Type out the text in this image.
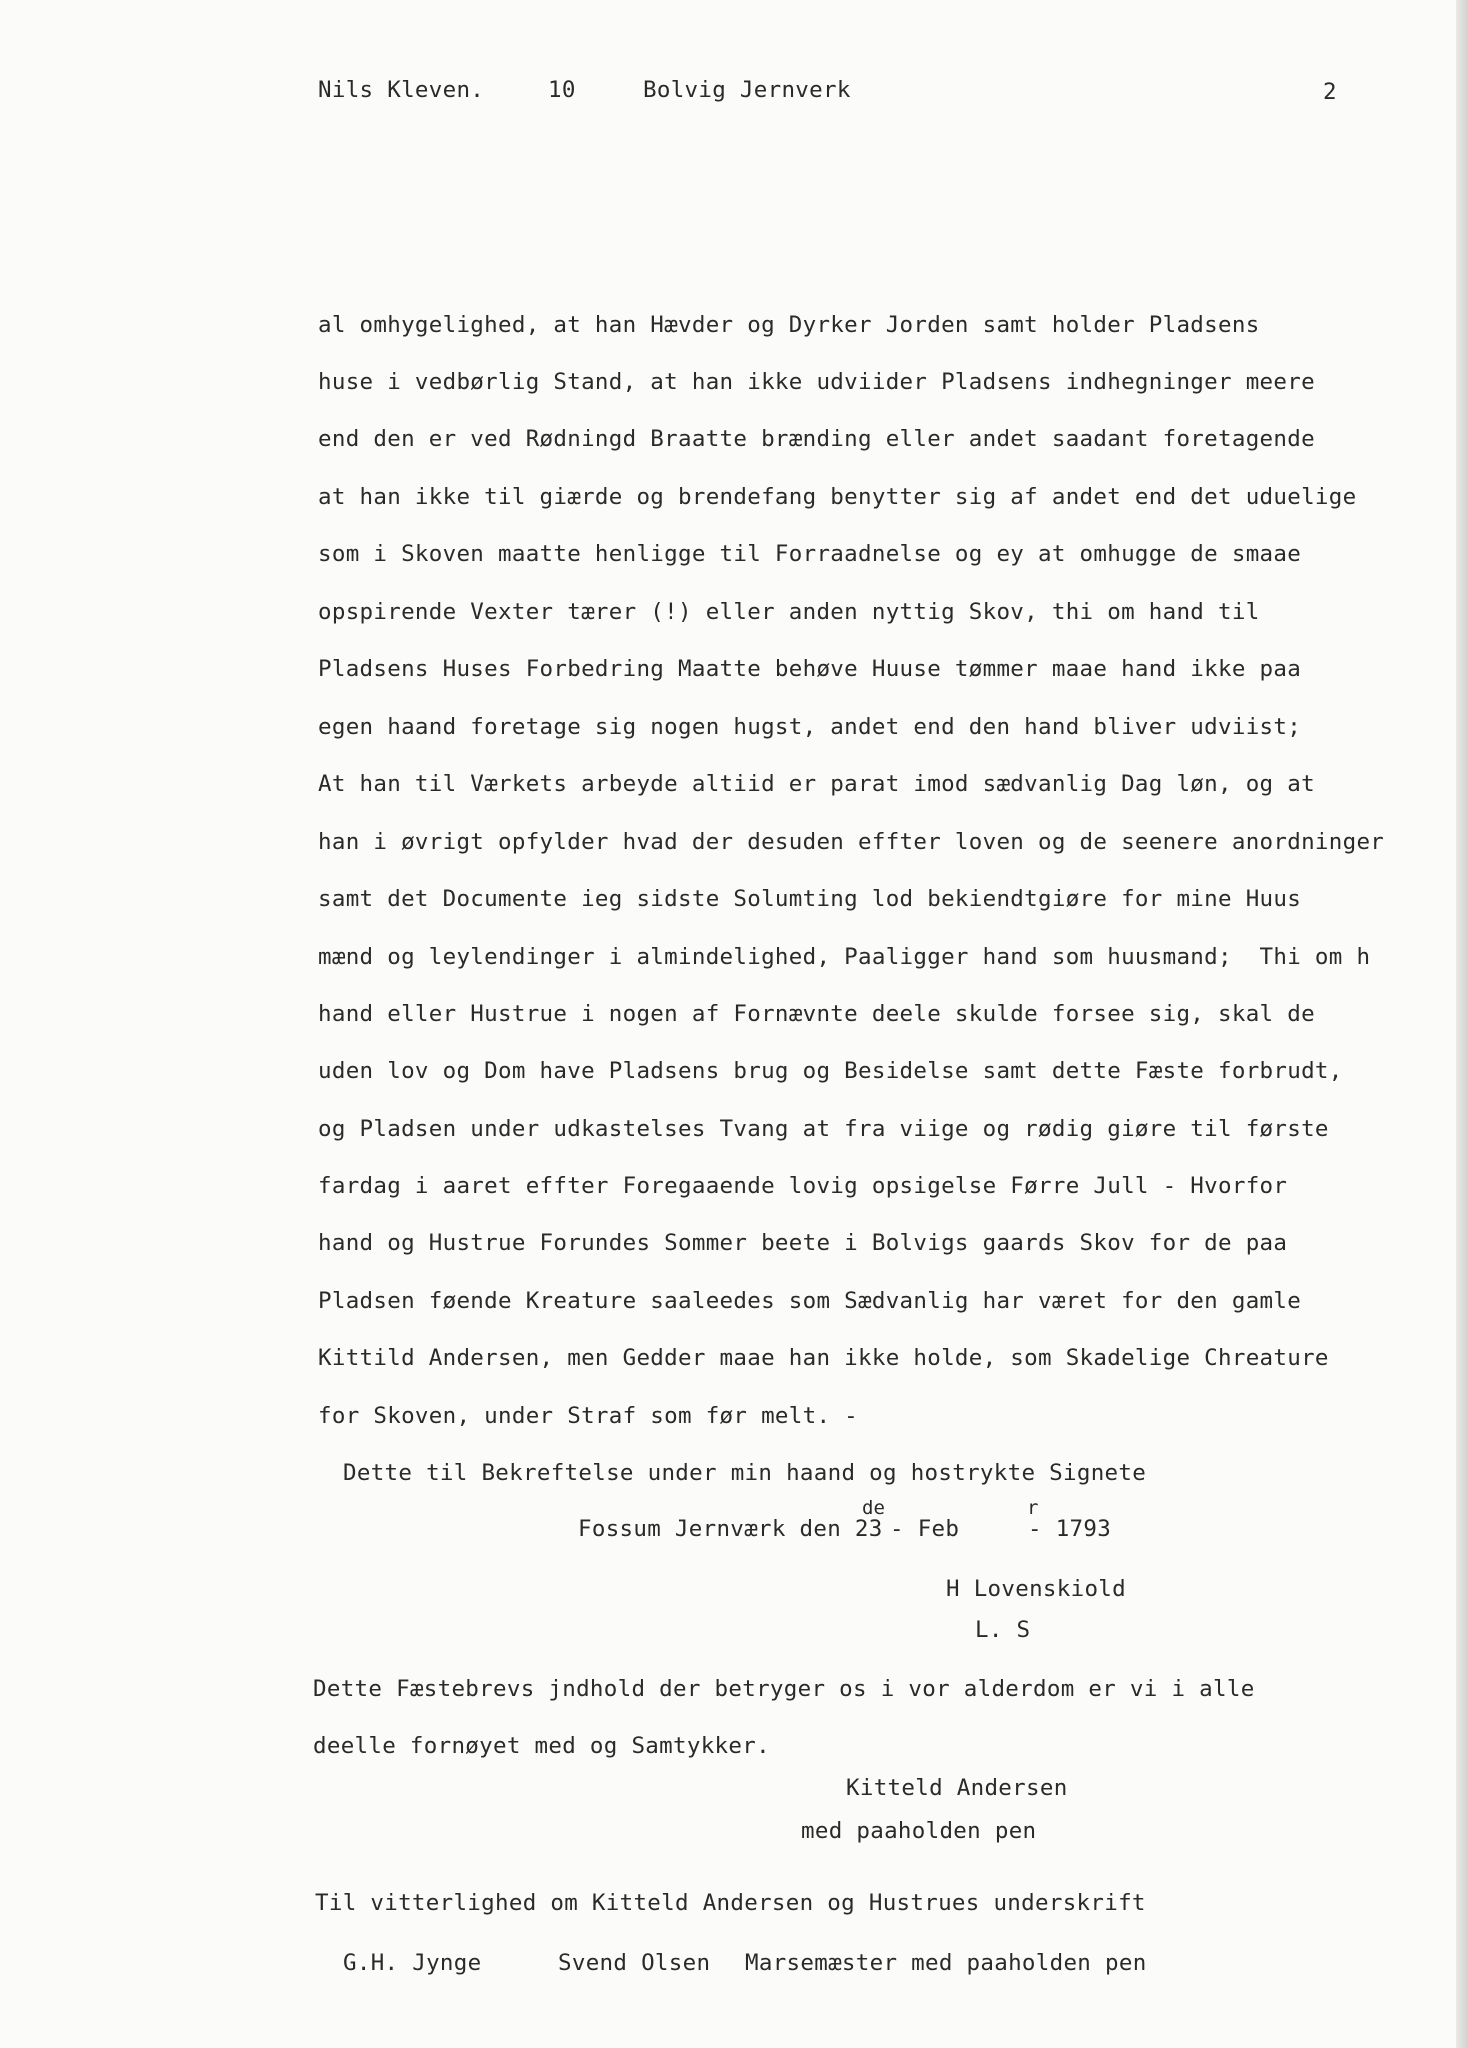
Nils Kleven.	10	Bolvig Jernverk	2
al omhygelighed, at han Hævder og Dyrker Jorden samt holder Pladsens
huse i vedbørlig Stand, at han ikke udviider Pladsens indhegninger meere
end den er ved Rødningd Braatte brænding eller andet saadant foretagende
at han ikke til giærde og brendefang benytter sig af andet end det uduelige
som i Skoven maatte henligge til Forraadnelse og ey at omhugge de smaae
opspirende Vexter tærer (!) eller anden nyttig Skov, thi om hand til
Pladsens Huses Forbedring Maatte behøve Huuse tømmer maae hand ikke paa
egen haand foretage sig nogen hugst, andet end den hand bliver udviist;
At han til Værkets arbeyde altiid er parat imod sædvanlig Dag løn, og at
han i øvrigt opfylder hvad der desuden effter loven og de seenere anordninger
samt det Documente ieg sidste Solumting lod bekiendtgiøre for mine Huus
mænd og leylendinger i almindelighed, Paaligger hand som huusmand;  Thi om h
hand eller Hustrue i nogen af Fornævnte deele skulde forsee sig, skal de
uden lov og Dom have Pladsens brug og Besidelse samt dette Fæste forbrudt,
og Pladsen under udkastelses Tvang at fra viige og rødig giøre til første
fardag i aaret effter Foregaaende lovig opsigelse Førre Jull - Hvorfor
hand og Hustrue Forundes Sommer beete i Bolvigs gaards Skov for de paa
Pladsen føende Kreature saaleedes som Sædvanlig har været for den gamle
Kittild Andersen, men Gedder maae han ikke holde, som Skadelige Chreature
for Skoven, under Straf som før melt. -
Dette til Bekreftelse under min haand og hostrykte Signete
Fossum Jernværk den 23
de
- Feb
r
- 1793
H Lovenskiold
L. S
Dette Fæstebrevs jndhold der betryger os i vor alderdom er vi i alle
deelle fornøyet med og Samtykker.
Kitteld Andersen
med paaholden pen
Til vitterlighed om Kitteld Andersen og Hustrues underskrift
G.H. Jynge	Svend Olsen Marsemæster med paaholden pen
